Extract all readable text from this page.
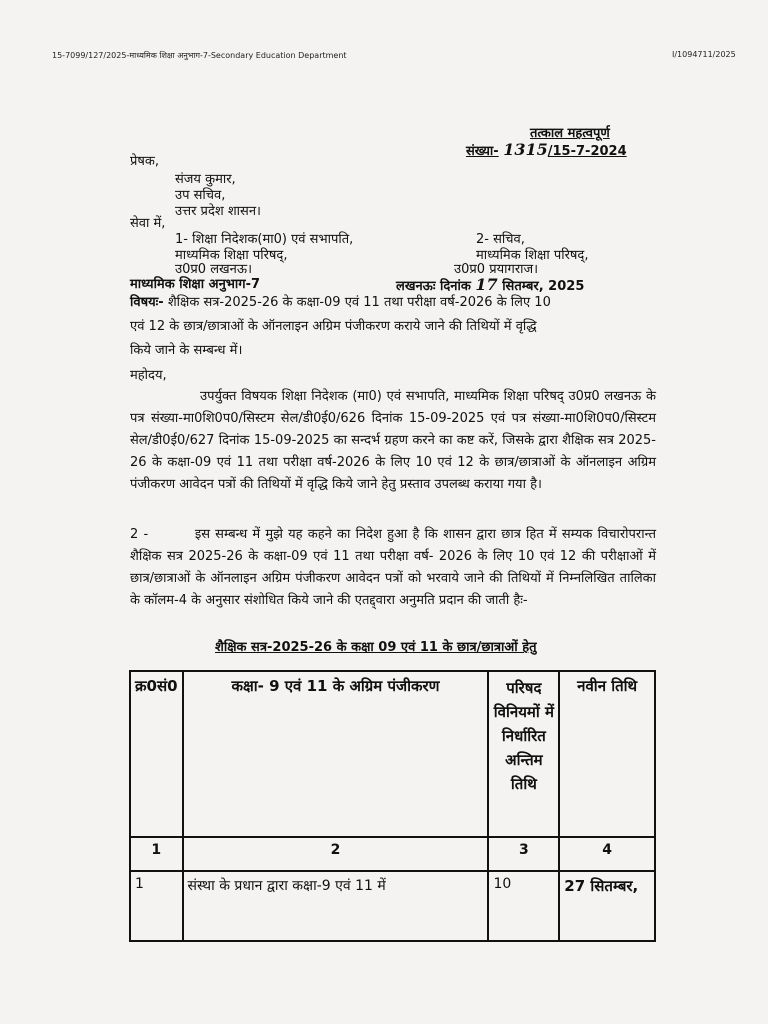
15-7099/127/2025-माध्यमिक शिक्षा अनुभाग-7-Secondary Education Department	I/1094711/2025
तत्काल महत्वपूर्ण
संख्या- 1315/15-7-2024
प्रेषक,
संजय कुमार,
उप सचिव,
उत्तर प्रदेश शासन।
सेवा में,
1- शिक्षा निदेशक(मा0) एवं सभापति,
माध्यमिक शिक्षा परिषद्,
उ0प्र0 लखनऊ।
2- सचिव,
माध्यमिक शिक्षा परिषद्,
उ0प्र0 प्रयागराज।
माध्यमिक शिक्षा अनुभाग-7	लखनऊः दिनांक 17 सितम्बर, 2025
विषयः- शैक्षिक सत्र-2025-26 के कक्षा-09 एवं 11 तथा परीक्षा वर्ष-2026 के लिए 10
एवं 12 के छात्र/छात्राओं के ऑनलाइन अग्रिम पंजीकरण कराये जाने की तिथियों में वृद्धि
किये जाने के सम्बन्ध में।
महोदय,

उपर्युक्त विषयक शिक्षा निदेशक (मा0) एवं सभापति, माध्यमिक शिक्षा परिषद् उ0प्र0 लखनऊ के पत्र संख्या-मा0शि0प0/सिस्टम सेल/डी0ई0/626 दिनांक 15-09-2025 एवं पत्र संख्या-मा0शि0प0/सिस्टम सेल/डी0ई0/627 दिनांक 15-09-2025 का सन्दर्भ ग्रहण करने का कष्ट करें, जिसके द्वारा शैक्षिक सत्र 2025-26 के कक्षा-09 एवं 11 तथा परीक्षा वर्ष-2026 के लिए 10 एवं 12 के छात्र/छात्राओं के ऑनलाइन अग्रिम पंजीकरण आवेदन पत्रों की तिथियों में वृद्धि किये जाने हेतु प्रस्ताव उपलब्ध कराया गया है।

2 -	इस सम्बन्ध में मुझे यह कहने का निदेश हुआ है कि शासन द्वारा छात्र हित में सम्यक विचारोपरान्त शैक्षिक सत्र 2025-26 के कक्षा-09 एवं 11 तथा परीक्षा वर्ष- 2026 के लिए 10 एवं 12 की परीक्षाओं में छात्र/छात्राओं के ऑनलाइन अग्रिम पंजीकरण आवेदन पत्रों को भरवाये जाने की तिथियों में निम्नलिखित तालिका के कॉलम-4 के अनुसार संशोधित किये जाने की एतद्द्वारा अनुमति प्रदान की जाती हैः-

शैक्षिक सत्र-2025-26 के कक्षा 09 एवं 11 के छात्र/छात्राओं हेतु
क्र0सं0	कक्षा- 9 एवं 11 के अग्रिम पंजीकरण	परिषद विनियमों में निर्धारित अन्तिम तिथि	नवीन तिथि
1	2	3	4
1	संस्था के प्रधान द्वारा कक्षा-9 एवं 11 में	10	27 सितम्बर,
